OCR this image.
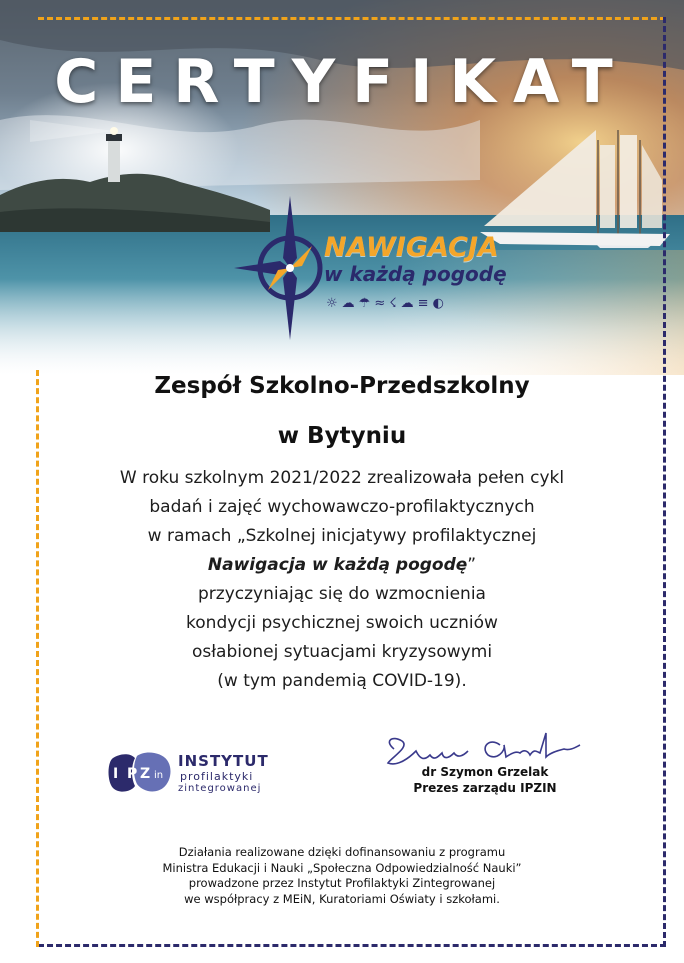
CERTYFIKAT
NAWIGACJA
w każdą pogodę
☼ ☁ ☂ ≈ ☇ ☁ ≡ ◐
Zespół Szkolno-Przedszkolny
w Bytyniu
W roku szkolnym 2021/2022 zrealizowała pełen cykl
badań i zajęć wychowawczo-profilaktycznych
w ramach „Szkolnej inicjatywy profilaktycznej
Nawigacja w każdą pogodę”
przyczyniając się do wzmocnienia
kondycji psychicznej swoich uczniów
osłabionej sytuacjami kryzysowymi
(w tym pandemią COVID-19).
I P Z in
INSTYTUT
profilaktyki
zintegrowanej
dr Szymon Grzelak
Prezes zarządu IPZIN
Działania realizowane dzięki dofinansowaniu z programu
Ministra Edukacji i Nauki „Społeczna Odpowiedzialność Nauki”
prowadzone przez Instytut Profilaktyki Zintegrowanej
we współpracy z MEiN, Kuratoriami Oświaty i szkołami.
